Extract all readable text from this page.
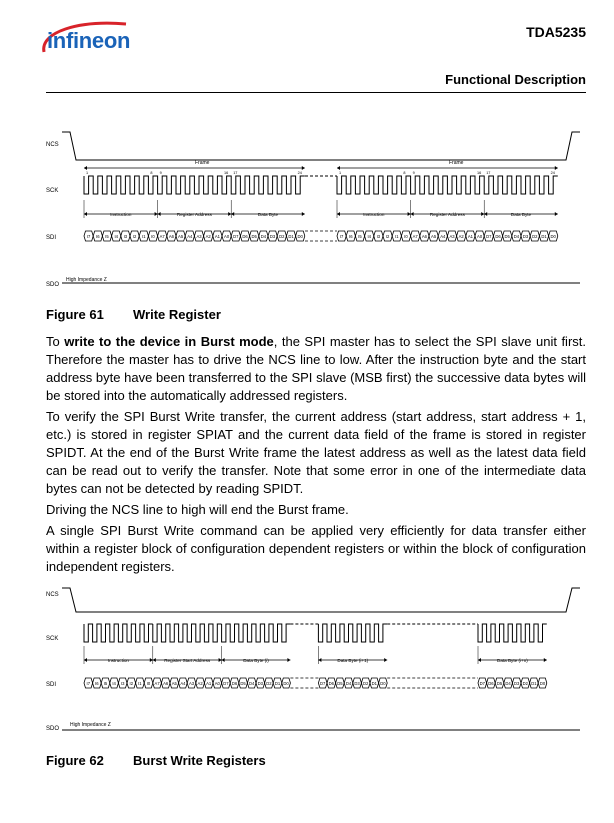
infineon	TDA5235
Functional Description
NCS
SCK
SDI
SDO
High Impedance Z
Frame	Frame
Instruction	Register Address	Data Byte
1	8 9	16 17	24
I7 I6 I5 I4 I3 I2 I1 I0 A7 A6 A5 A4 A3 A2 A1 A0 D7 D6 D5 D4 D3 D2 D1 D0
Instruction	Register Address	Data Byte
1	8 9	16 17	24
I7 I6 I5 I4 I3 I2 I1 I0 A7 A6 A5 A4 A3 A2 A1 A0 D7 D6 D5 D4 D3 D2 D1 D0
Figure 61 Write Register

To write to the device in Burst mode, the SPI master has to select the SPI slave unit first. Therefore the master has to drive the NCS line to low. After the instruction byte and the start address byte have been transferred to the SPI slave (MSB first) the successive data bytes will be stored into the automatically addressed registers.

To verify the SPI Burst Write transfer, the current address (start address, start address + 1, etc.) is stored in register SPIAT and the current data field of the frame is stored in register SPIDT. At the end of the Burst Write frame the latest address as well as the latest data field can be read out to verify the transfer. Note that some error in one of the intermediate data bytes can not be detected by reading SPIDT.

Driving the NCS line to high will end the Burst frame.

A single SPI Burst Write command can be applied very efficiently for data transfer either within a register block of configuration dependent registers or within the block of configuration independent registers.

NCS
SCK
SDI
SDO
High Impedance Z
Instruction
I7 I6 I5 I4 I3 I2 I1 I0
Register Start Address
A7 A6 A5 A4 A3 A2 A1 A0
Data Byte (i)
D7 D6 D5 D4 D3 D2 D1 D0
Data Byte (i+1)
D7 D6 D5 D4 D3 D2 D1 D0
Data Byte (i+n)
D7 D6 D5 D4 D3 D2 D1 D0
Figure 62 Burst Write Registers
